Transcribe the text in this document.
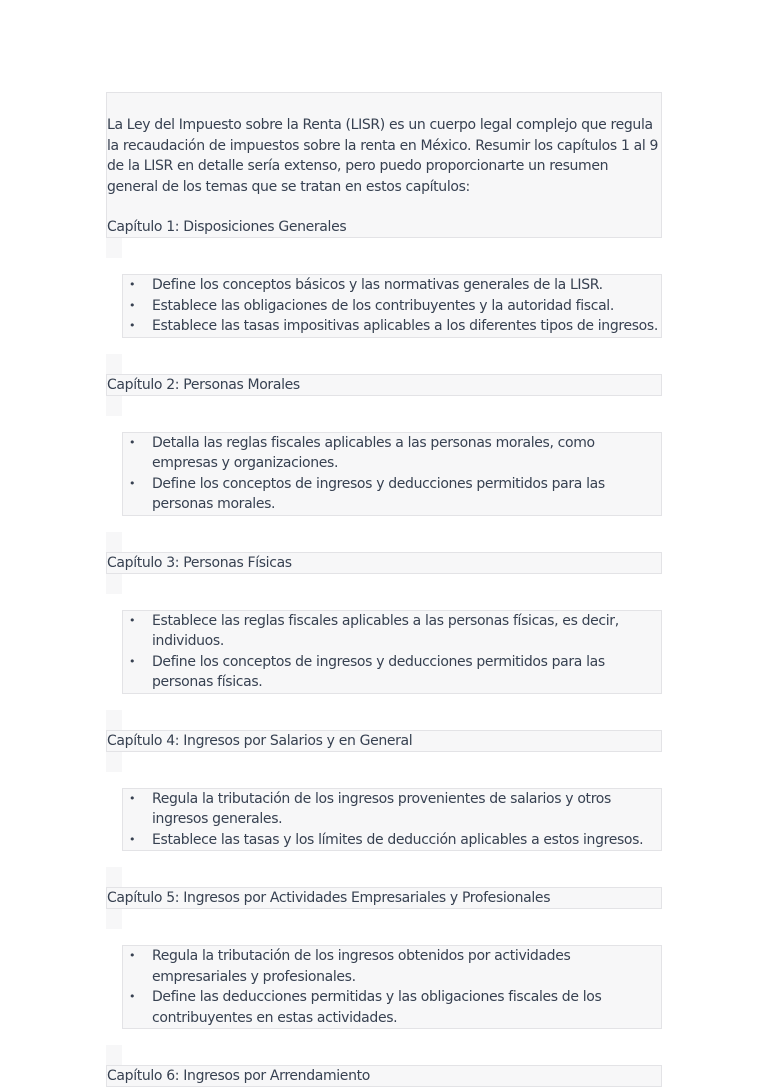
La Ley del Impuesto sobre la Renta (LISR) es un cuerpo legal complejo que regula la recaudación de impuestos sobre la renta en México. Resumir los capítulos 1 al 9 de la LISR en detalle sería extenso, pero puedo proporcionarte un resumen general de los temas que se tratan en estos capítulos:

Capítulo 1: Disposiciones Generales

• Define los conceptos básicos y las normativas generales de la LISR.
• Establece las obligaciones de los contribuyentes y la autoridad fiscal.
• Establece las tasas impositivas aplicables a los diferentes tipos de ingresos.

Capítulo 2: Personas Morales

• Detalla las reglas fiscales aplicables a las personas morales, como empresas y organizaciones.
• Define los conceptos de ingresos y deducciones permitidos para las personas morales.

Capítulo 3: Personas Físicas

• Establece las reglas fiscales aplicables a las personas físicas, es decir, individuos.
• Define los conceptos de ingresos y deducciones permitidos para las personas físicas.

Capítulo 4: Ingresos por Salarios y en General

• Regula la tributación de los ingresos provenientes de salarios y otros ingresos generales.
• Establece las tasas y los límites de deducción aplicables a estos ingresos.

Capítulo 5: Ingresos por Actividades Empresariales y Profesionales

• Regula la tributación de los ingresos obtenidos por actividades empresariales y profesionales.
• Define las deducciones permitidas y las obligaciones fiscales de los contribuyentes en estas actividades.

Capítulo 6: Ingresos por Arrendamiento
